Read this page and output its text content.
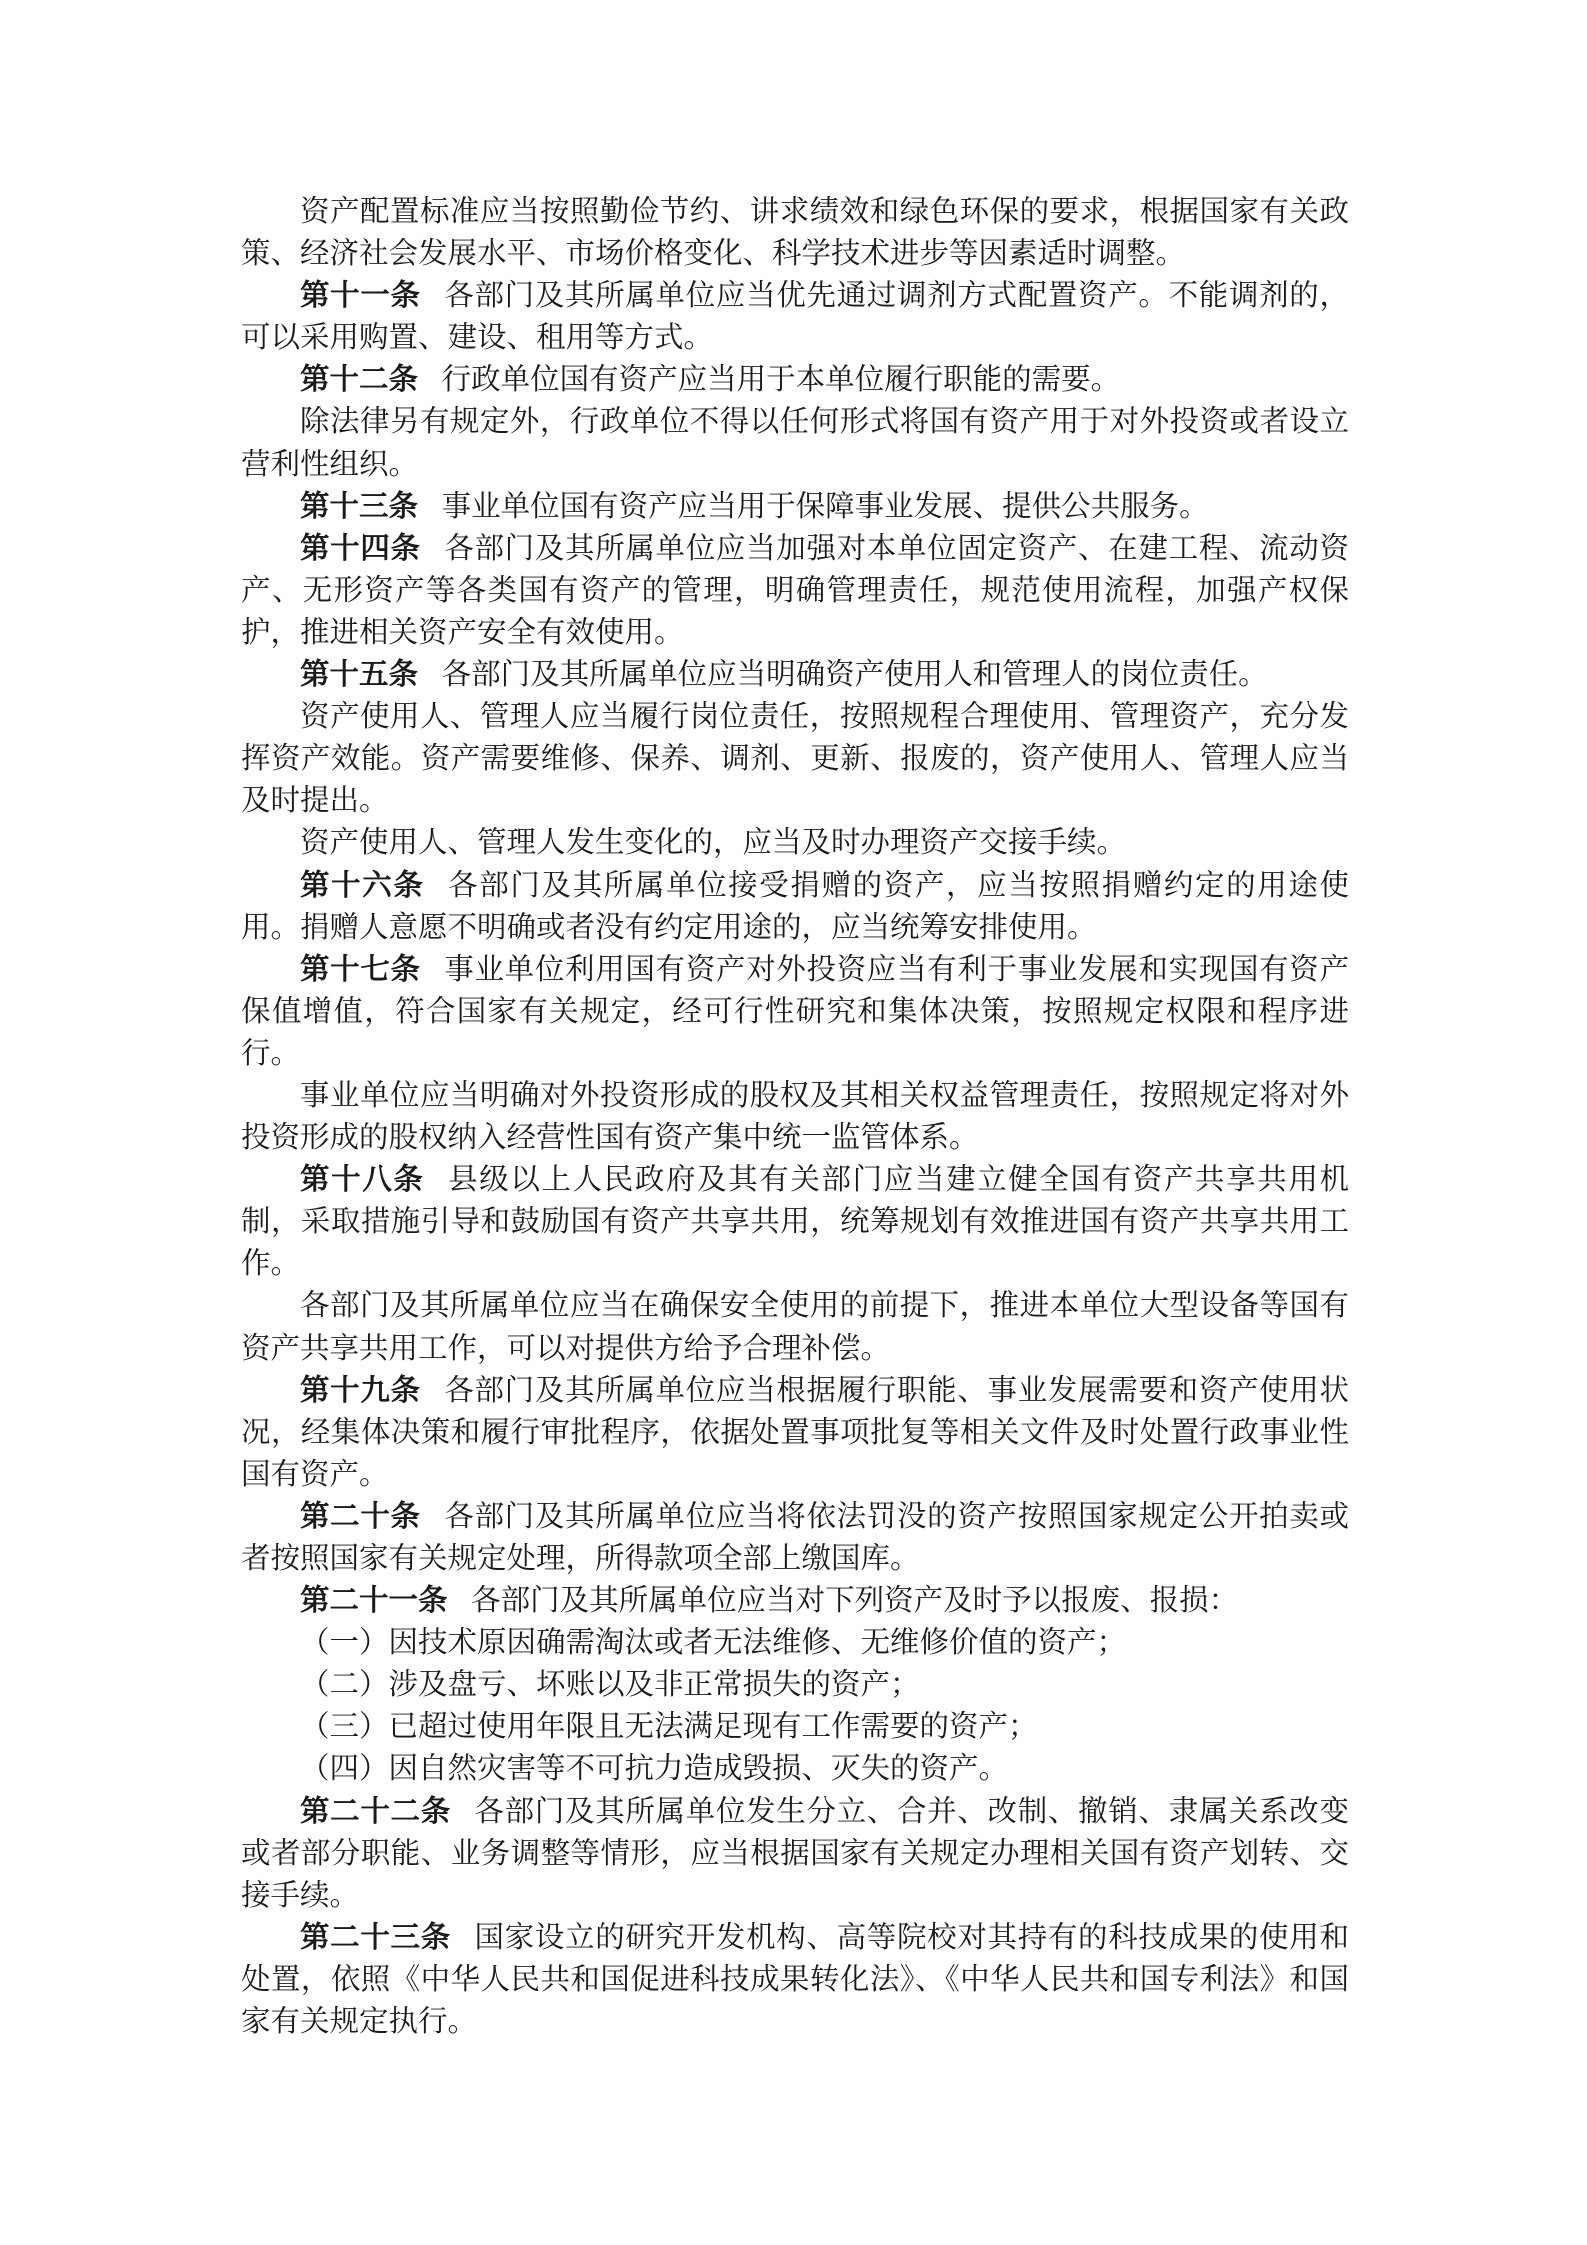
资产配置标准应当按照勤俭节约、讲求绩效和绿色环保的要求，根据国家有关政策、经济社会发展水平、市场价格变化、科学技术进步等因素适时调整。

第十一条 各部门及其所属单位应当优先通过调剂方式配置资产。不能调剂的，可以采用购置、建设、租用等方式。

第十二条 行政单位国有资产应当用于本单位履行职能的需要。

除法律另有规定外，行政单位不得以任何形式将国有资产用于对外投资或者设立营利性组织。

第十三条 事业单位国有资产应当用于保障事业发展、提供公共服务。

第十四条 各部门及其所属单位应当加强对本单位固定资产、在建工程、流动资产、无形资产等各类国有资产的管理，明确管理责任，规范使用流程，加强产权保护，推进相关资产安全有效使用。

第十五条 各部门及其所属单位应当明确资产使用人和管理人的岗位责任。

资产使用人、管理人应当履行岗位责任，按照规程合理使用、管理资产，充分发挥资产效能。资产需要维修、保养、调剂、更新、报废的，资产使用人、管理人应当及时提出。

资产使用人、管理人发生变化的，应当及时办理资产交接手续。

第十六条 各部门及其所属单位接受捐赠的资产，应当按照捐赠约定的用途使用。捐赠人意愿不明确或者没有约定用途的，应当统筹安排使用。

第十七条 事业单位利用国有资产对外投资应当有利于事业发展和实现国有资产保值增值，符合国家有关规定，经可行性研究和集体决策，按照规定权限和程序进行。

事业单位应当明确对外投资形成的股权及其相关权益管理责任，按照规定将对外投资形成的股权纳入经营性国有资产集中统一监管体系。

第十八条 县级以上人民政府及其有关部门应当建立健全国有资产共享共用机制，采取措施引导和鼓励国有资产共享共用，统筹规划有效推进国有资产共享共用工作。

各部门及其所属单位应当在确保安全使用的前提下，推进本单位大型设备等国有资产共享共用工作，可以对提供方给予合理补偿。

第十九条 各部门及其所属单位应当根据履行职能、事业发展需要和资产使用状况，经集体决策和履行审批程序，依据处置事项批复等相关文件及时处置行政事业性国有资产。

第二十条 各部门及其所属单位应当将依法罚没的资产按照国家规定公开拍卖或者按照国家有关规定处理，所得款项全部上缴国库。

第二十一条 各部门及其所属单位应当对下列资产及时予以报废、报损：

（一）因技术原因确需淘汰或者无法维修、无维修价值的资产；

（二）涉及盘亏、坏账以及非正常损失的资产；

（三）已超过使用年限且无法满足现有工作需要的资产；

（四）因自然灾害等不可抗力造成毁损、灭失的资产。

第二十二条 各部门及其所属单位发生分立、合并、改制、撤销、隶属关系改变或者部分职能、业务调整等情形，应当根据国家有关规定办理相关国有资产划转、交接手续。

第二十三条 国家设立的研究开发机构、高等院校对其持有的科技成果的使用和处置，依照《中华人民共和国促进科技成果转化法》、《中华人民共和国专利法》和国家有关规定执行。
